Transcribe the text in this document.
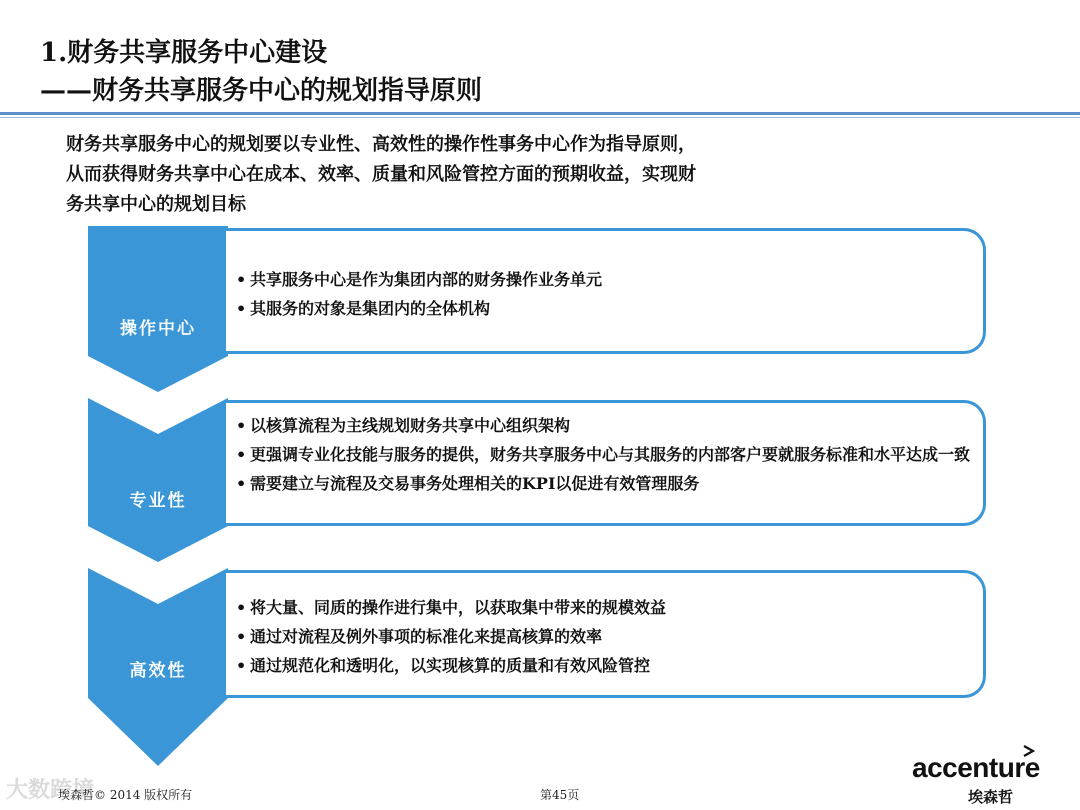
1.财务共享服务中心建设
——财务共享服务中心的规划指导原则
财务共享服务中心的规划要以专业性、高效性的操作性事务中心作为指导原则，
从而获得财务共享中心在成本、效率、质量和风险管控方面的预期收益，实现财
务共享中心的规划目标
操作中心
专业性
高效性
• 共享服务中心是作为集团内部的财务操作业务单元
• 其服务的对象是集团内的全体机构
• 以核算流程为主线规划财务共享中心组织架构
• 更强调专业化技能与服务的提供，财务共享服务中心与其服务的内部客户要就服务标准和水平达成一致
• 需要建立与流程及交易事务处理相关的KPI以促进有效管理服务
• 将大量、同质的操作进行集中，以获取集中带来的规模效益
• 通过对流程及例外事项的标准化来提高核算的效率
• 通过规范化和透明化，以实现核算的质量和有效风险管控
大数跨境
埃森哲© 2014 版权所有	第45页
accenture
埃森哲
